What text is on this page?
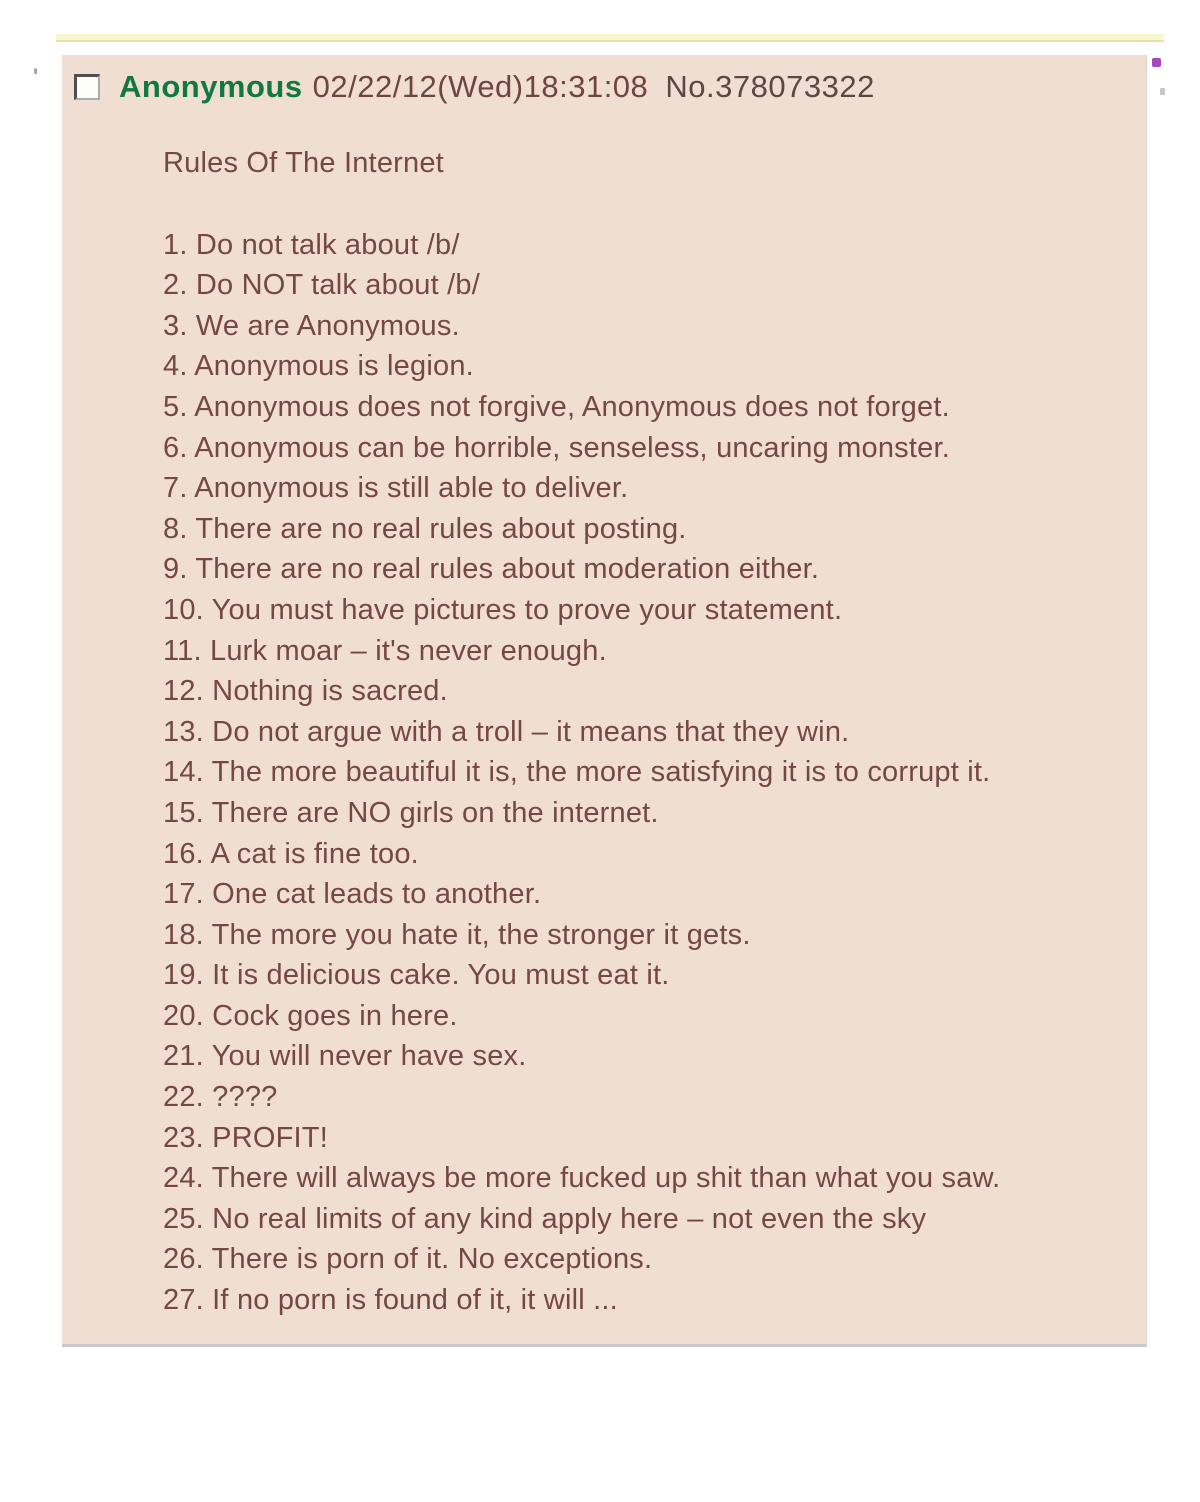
'	Anonymous 02/22/12(Wed)18:31:08 No.378073322
Rules Of The Internet
1. Do not talk about /b/
2. Do NOT talk about /b/
3. We are Anonymous.
4. Anonymous is legion.
5. Anonymous does not forgive, Anonymous does not forget.
6. Anonymous can be horrible, senseless, uncaring monster.
7. Anonymous is still able to deliver.
8. There are no real rules about posting.
9. There are no real rules about moderation either.
10. You must have pictures to prove your statement.
11. Lurk moar – it's never enough.
12. Nothing is sacred.
13. Do not argue with a troll – it means that they win.
14. The more beautiful it is, the more satisfying it is to corrupt it.
15. There are NO girls on the internet.
16. A cat is fine too.
17. One cat leads to another.
18. The more you hate it, the stronger it gets.
19. It is delicious cake. You must eat it.
20. Cock goes in here.
21. You will never have sex.
22. ????
23. PROFIT!
24. There will always be more fucked up shit than what you saw.
25. No real limits of any kind apply here – not even the sky
26. There is porn of it. No exceptions.
27. If no porn is found of it, it will ...
